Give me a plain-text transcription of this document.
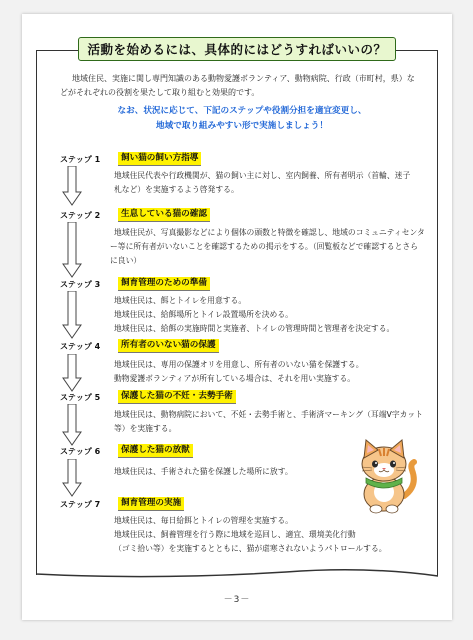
活動を始めるには、具体的にはどうすればいいの？
地域住民、実施に関し専門知識のある動物愛護ボランティア、動物病院、行政（市町村，県）などがそれぞれの役割を果たして取り組むと効果的です。
なお、状況に応じて、下記のステップや役割分担を適宜変更し、
地域で取り組みやすい形で実施しましょう！
ステップ 1	飼い猫の飼い方指導
地域住民代表や行政機関が、猫の飼い主に対し、室内飼養、所有者明示（首輪、迷子
札など）を実施するよう啓発する。
ステップ 2	生息している猫の確認
地域住民が、写真撮影などにより個体の頭数と特徴を確認し、地域のコミュニティセンタ
ー等に所有者がいないことを確認するための掲示をする。（回覧板などで確認するとさら
に良い）
ステップ 3	飼育管理のための準備
地域住民は、餌とトイレを用意する。
地域住民は、給餌場所とトイレ設置場所を決める。
地域住民は、給餌の実施時間と実施者、トイレの管理時間と管理者を決定する。
ステップ 4	所有者のいない猫の保護
地域住民は、専用の保護オリを用意し、所有者のいない猫を保護する。
動物愛護ボランティアが所有している場合は、それを用い実施する。
ステップ 5	保護した猫の不妊・去勢手術
地域住民は、動物病院において、不妊・去勢手術と、手術済マーキング（耳端V字カット
等）を実施する。
ステップ 6	保護した猫の放獣
地域住民は、手術された猫を保護した場所に放す。
ステップ 7	飼育管理の実施
地域住民は、毎日給餌とトイレの管理を実施する。
地域住民は、飼養管理を行う際に地域を巡回し、適宜、環境美化行動
（ゴミ拾い等）を実施するとともに、猫が虐寒されないようパトロールする。
－3－
